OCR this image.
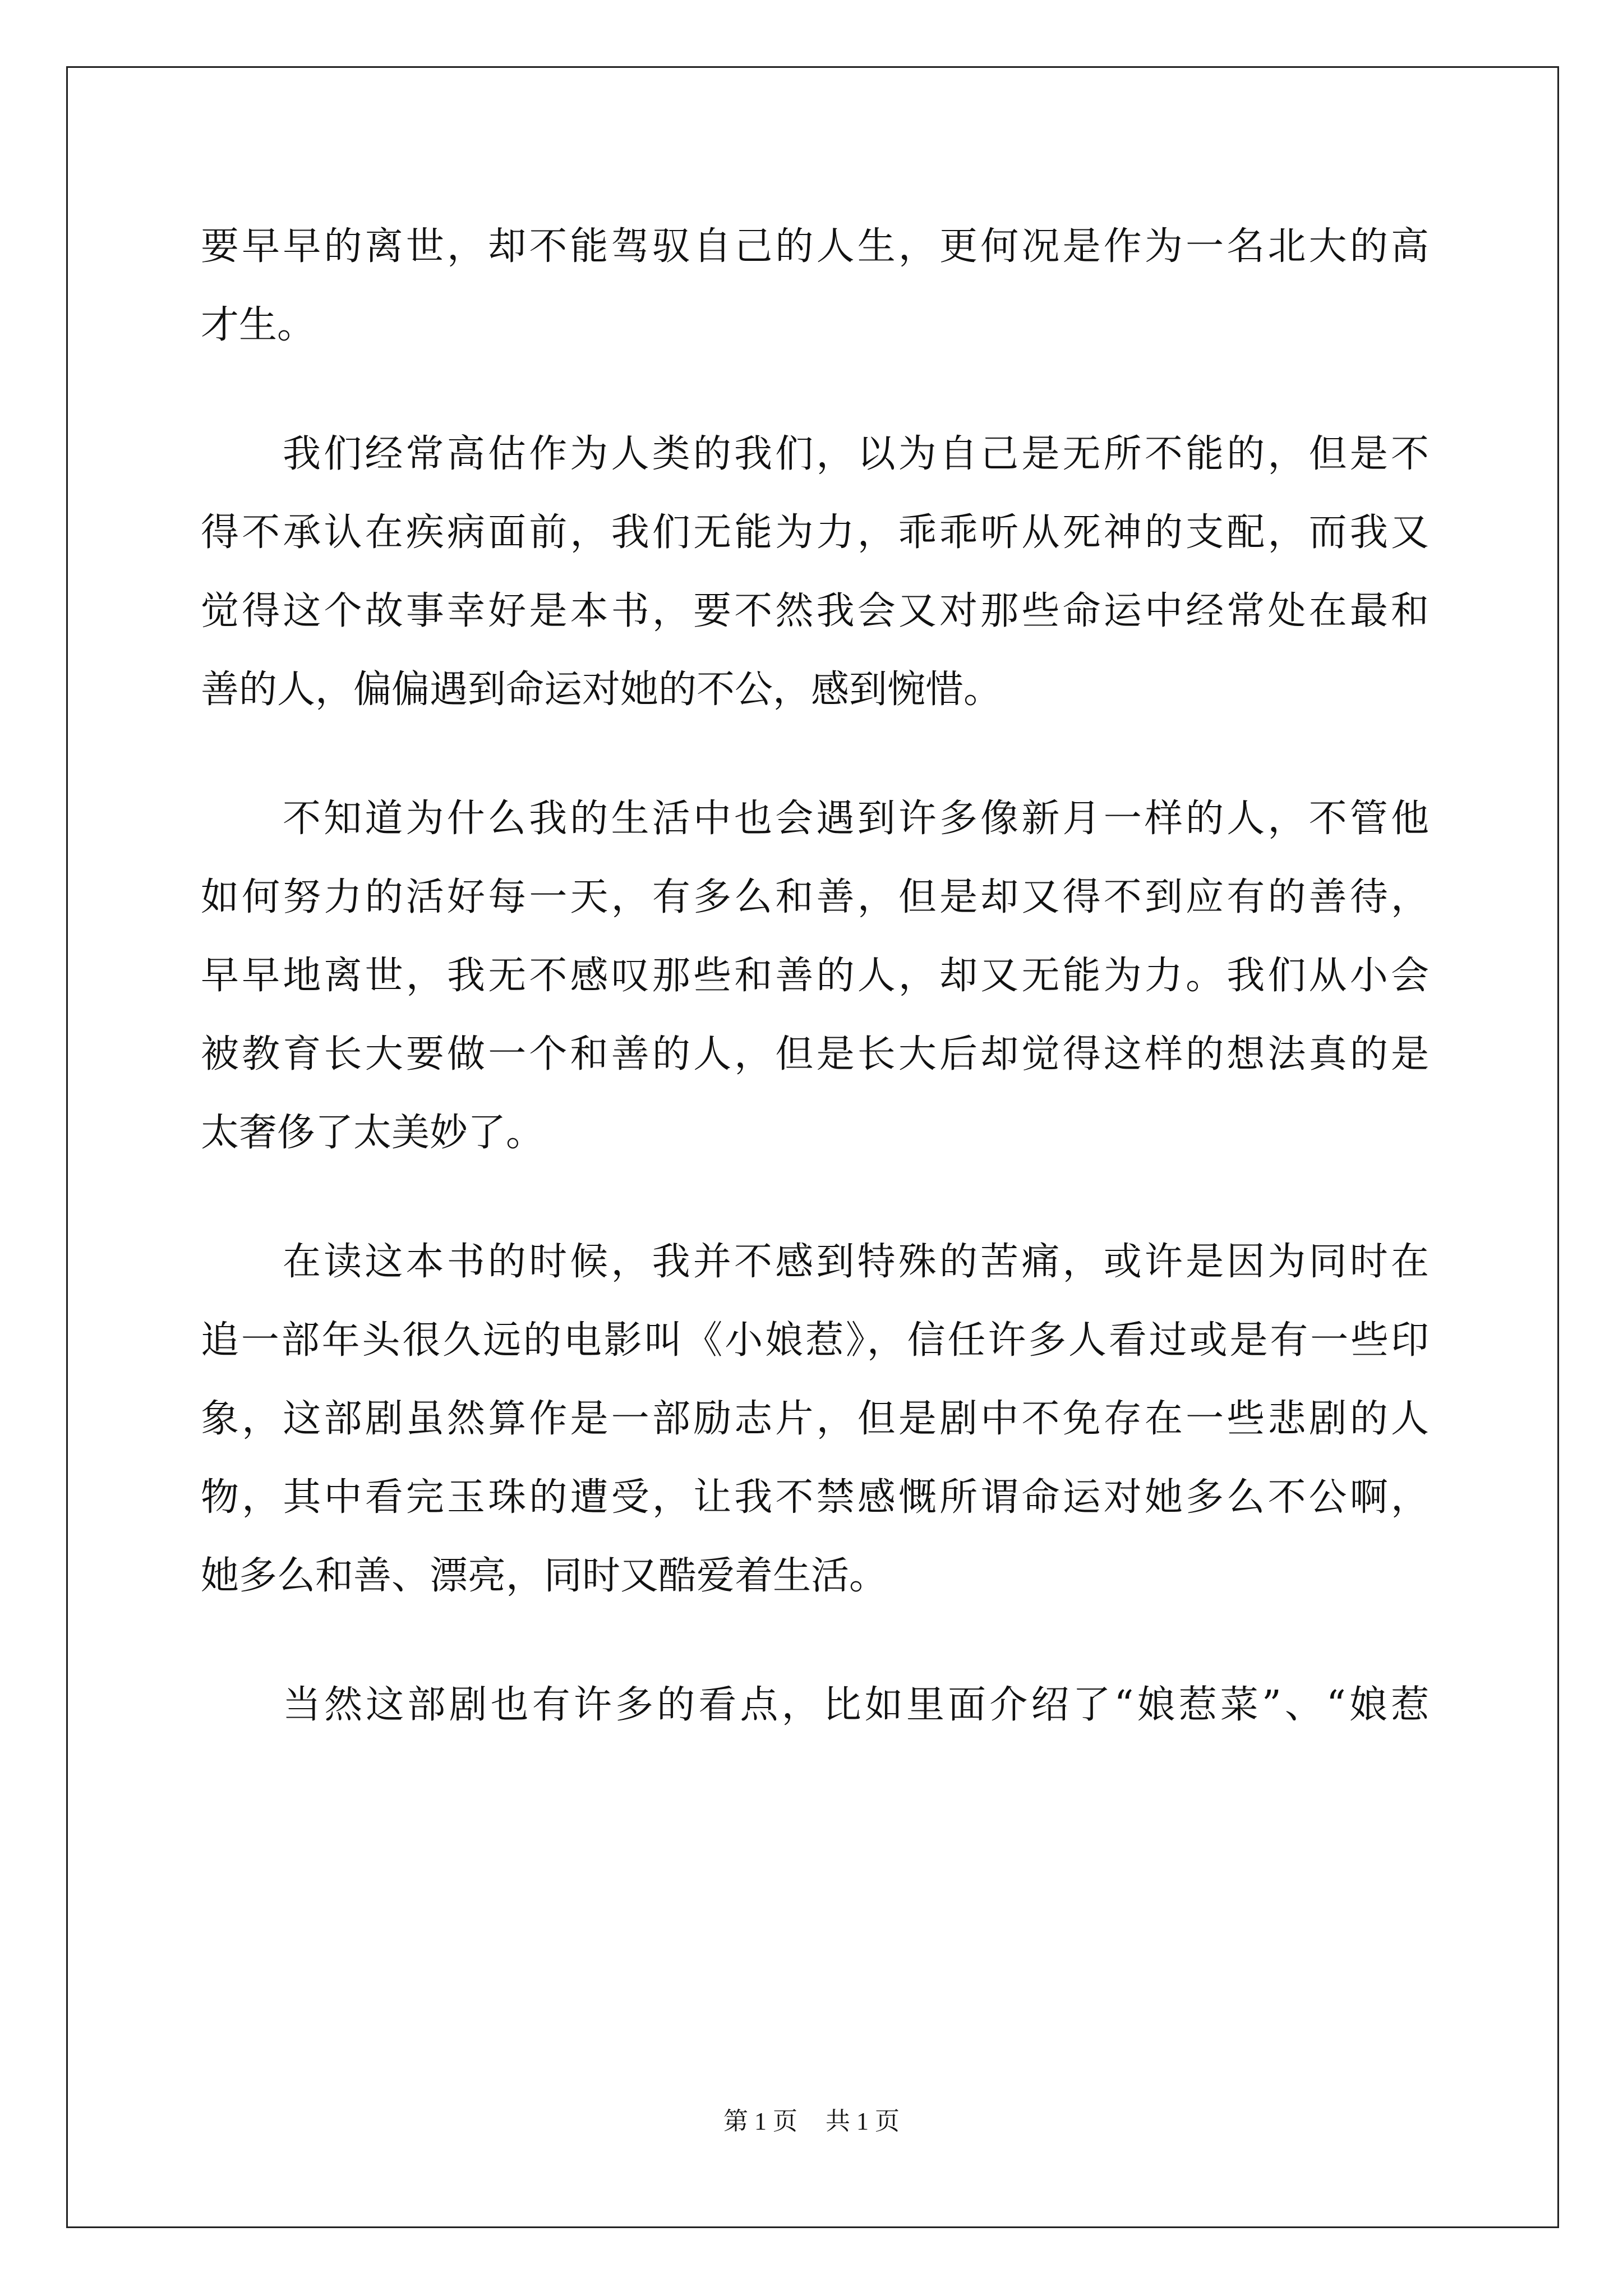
要早早的离世，却不能驾驭自己的人生，更何况是作为一名北大的高
才生。
我们经常高估作为人类的我们，以为自己是无所不能的，但是不
得不承认在疾病面前，我们无能为力，乖乖听从死神的支配，而我又
觉得这个故事幸好是本书，要不然我会又对那些命运中经常处在最和
善的人，偏偏遇到命运对她的不公，感到惋惜。
不知道为什么我的生活中也会遇到许多像新月一样的人，不管他
如何努力的活好每一天，有多么和善，但是却又得不到应有的善待，
早早地离世，我无不感叹那些和善的人，却又无能为力。我们从小会
被教育长大要做一个和善的人，但是长大后却觉得这样的想法真的是
太奢侈了太美妙了。
在读这本书的时候，我并不感到特殊的苦痛，或许是因为同时在
追一部年头很久远的电影叫《小娘惹》，信任许多人看过或是有一些印
象，这部剧虽然算作是一部励志片，但是剧中不免存在一些悲剧的人
物，其中看完玉珠的遭受，让我不禁感慨所谓命运对她多么不公啊，
她多么和善、漂亮，同时又酷爱着生活。
当然这部剧也有许多的看点，比如里面介绍了“娘惹菜”、“娘惹
第 1 页 共 1 页
